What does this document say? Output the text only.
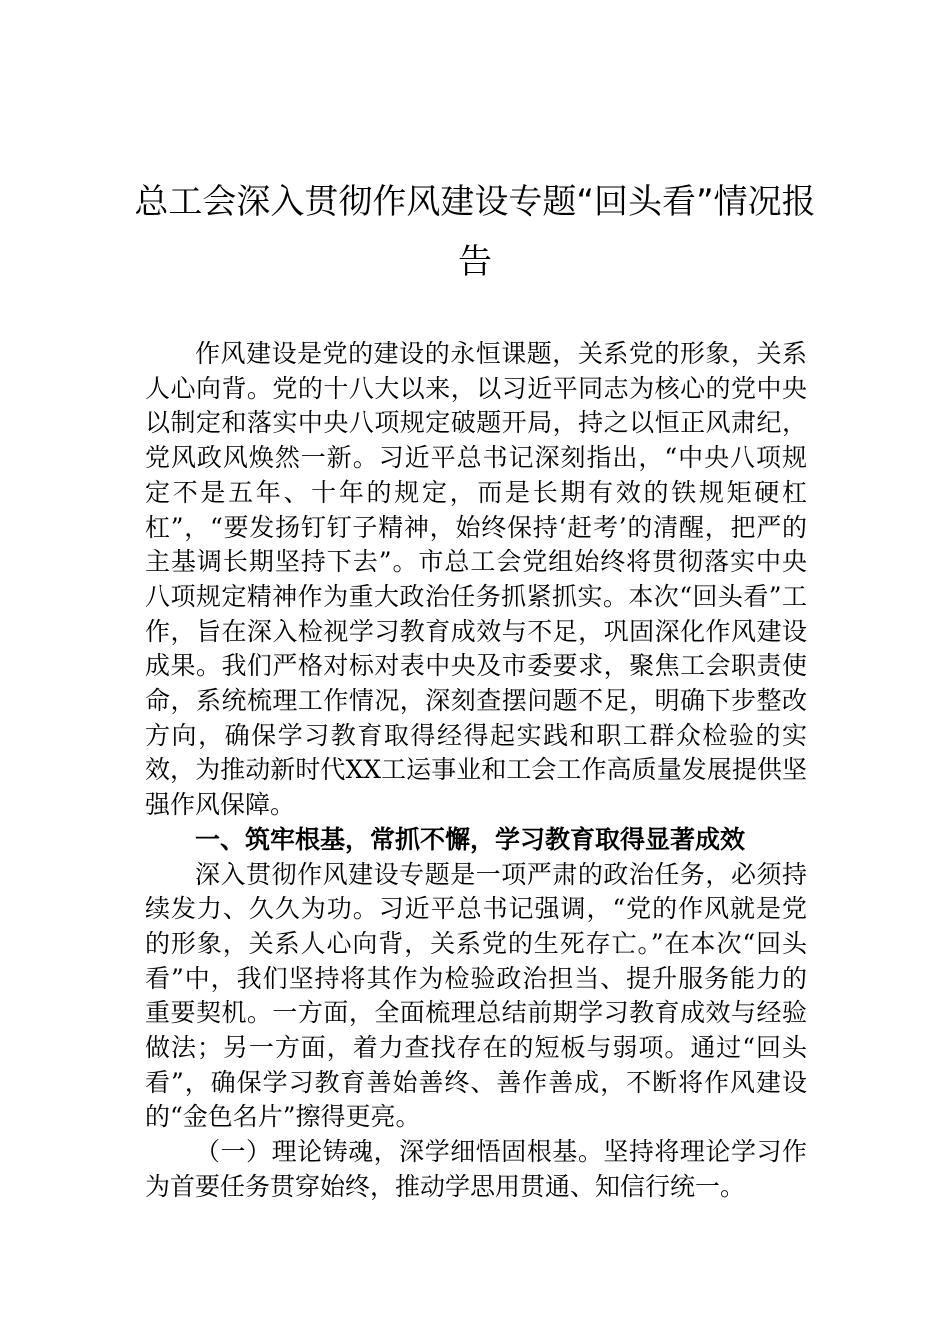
总工会深入贯彻作风建设专题“回头看”情况报告

作风建设是党的建设的永恒课题，关系党的形象，关系人心向背。党的十八大以来，以习近平同志为核心的党中央以制定和落实中央八项规定破题开局，持之以恒正风肃纪，党风政风焕然一新。习近平总书记深刻指出，“中央八项规定不是五年、十年的规定，而是长期有效的铁规矩硬杠杠”，“要发扬钉钉子精神，始终保持‘赶考’的清醒，把严的主基调长期坚持下去”。市总工会党组始终将贯彻落实中央八项规定精神作为重大政治任务抓紧抓实。本次“回头看”工作，旨在深入检视学习教育成效与不足，巩固深化作风建设成果。我们严格对标对表中央及市委要求，聚焦工会职责使命，系统梳理工作情况，深刻查摆问题不足，明确下步整改方向，确保学习教育取得经得起实践和职工群众检验的实效，为推动新时代XX工运事业和工会工作高质量发展提供坚强作风保障。

一、筑牢根基，常抓不懈，学习教育取得显著成效

深入贯彻作风建设专题是一项严肃的政治任务，必须持续发力、久久为功。习近平总书记强调，“党的作风就是党的形象，关系人心向背，关系党的生死存亡。”在本次“回头看”中，我们坚持将其作为检验政治担当、提升服务能力的重要契机。一方面，全面梳理总结前期学习教育成效与经验做法；另一方面，着力查找存在的短板与弱项。通过“回头看”，确保学习教育善始善终、善作善成，不断将作风建设的“金色名片”擦得更亮。

（一）理论铸魂，深学细悟固根基。坚持将理论学习作为首要任务贯穿始终，推动学思用贯通、知信行统一。
